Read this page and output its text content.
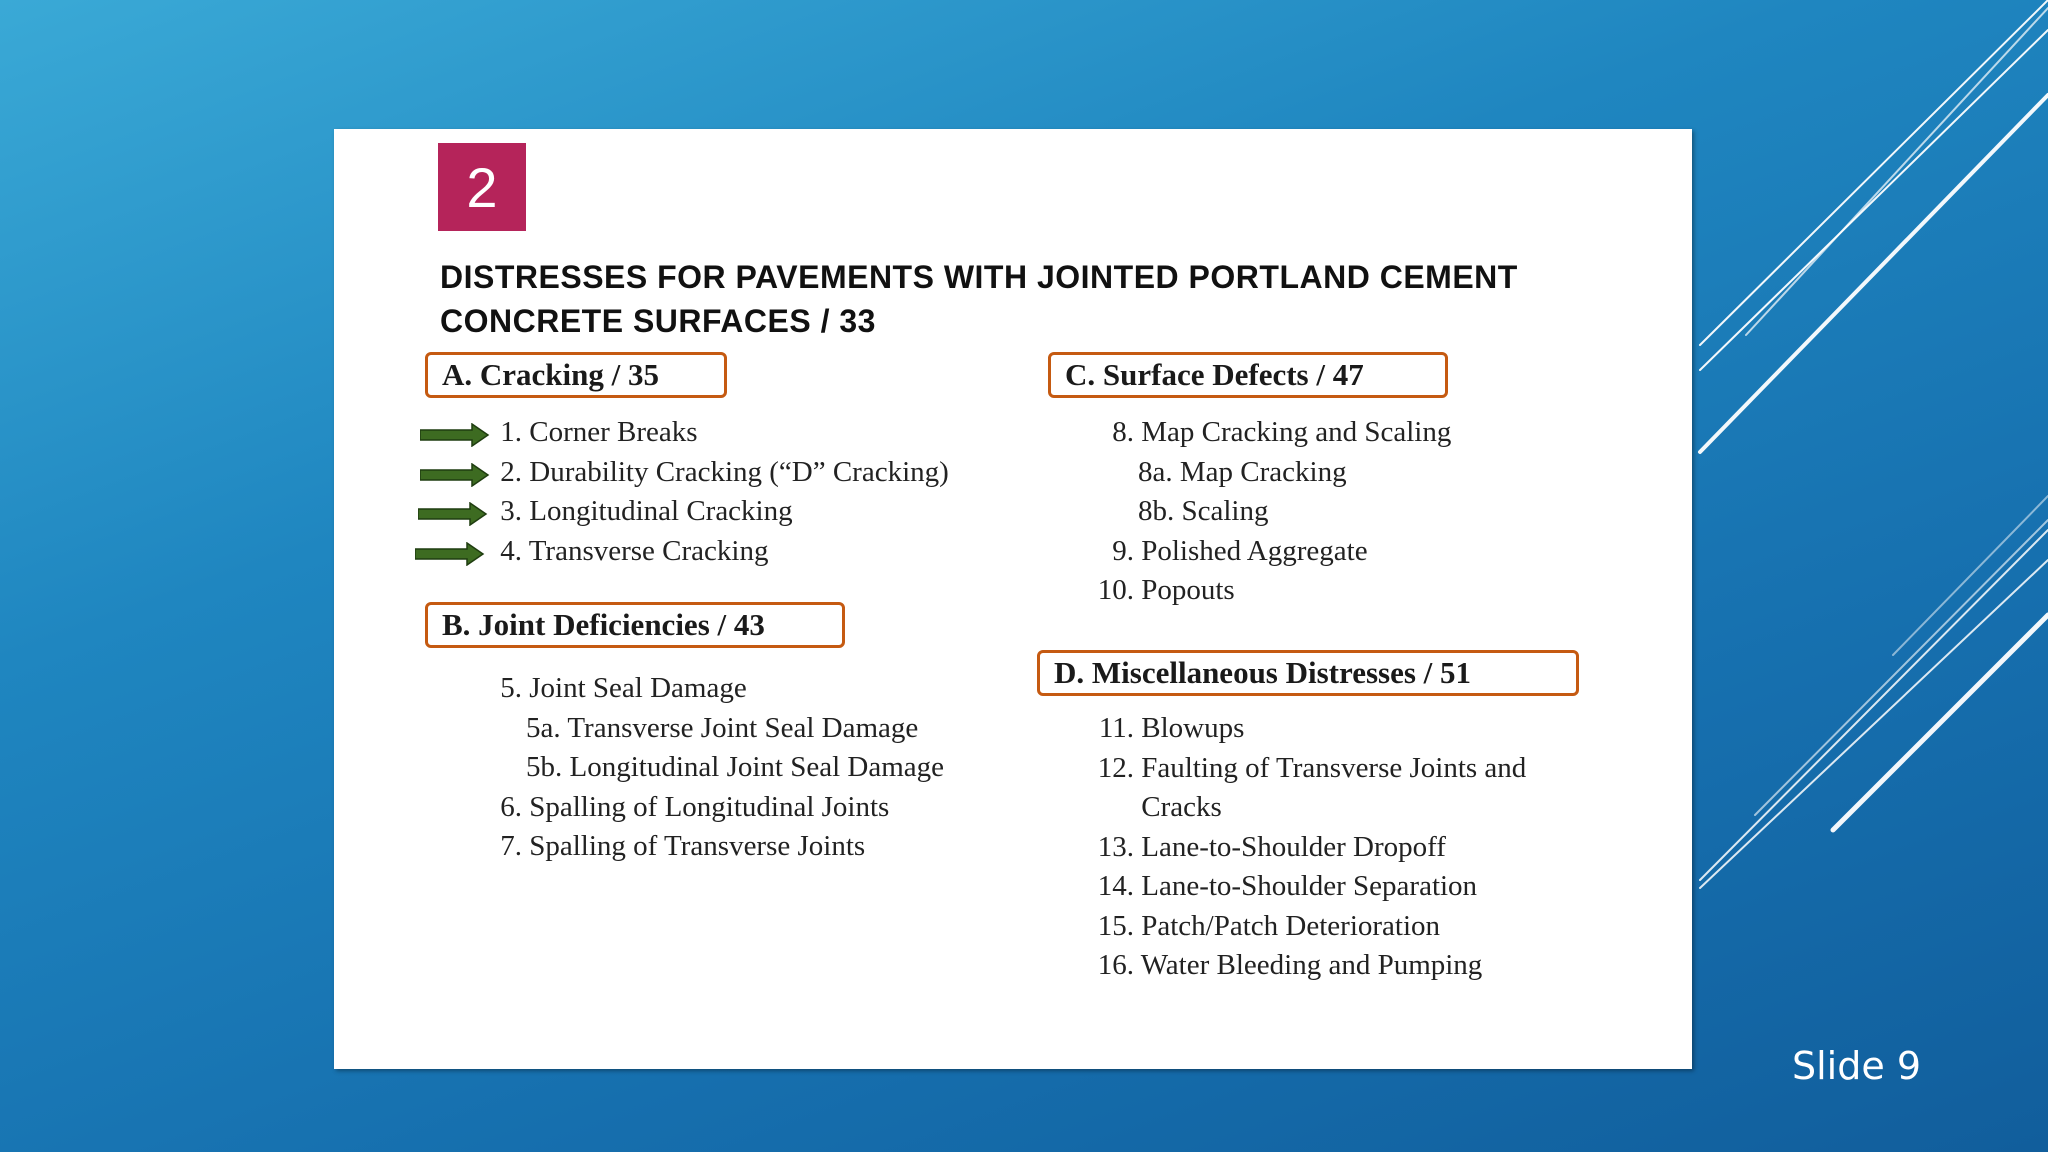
2
DISTRESSES FOR PAVEMENTS WITH JOINTED PORTLAND CEMENT
CONCRETE SURFACES / 33
A. Cracking / 35
1. Corner Breaks
2. Durability Cracking (“D” Cracking)
3. Longitudinal Cracking
4. Transverse Cracking
B. Joint Deficiencies / 43
5. Joint Seal Damage
5a. Transverse Joint Seal Damage
5b. Longitudinal Joint Seal Damage
6. Spalling of Longitudinal Joints
7. Spalling of Transverse Joints
C. Surface Defects / 47
8. Map Cracking and Scaling
8a. Map Cracking
8b. Scaling
9. Polished Aggregate
10. Popouts
D. Miscellaneous Distresses / 51
11. Blowups
12. Faulting of Transverse Joints and
Cracks
13. Lane-to-Shoulder Dropoff
14. Lane-to-Shoulder Separation
15. Patch/Patch Deterioration
16. Water Bleeding and Pumping
Slide 9
